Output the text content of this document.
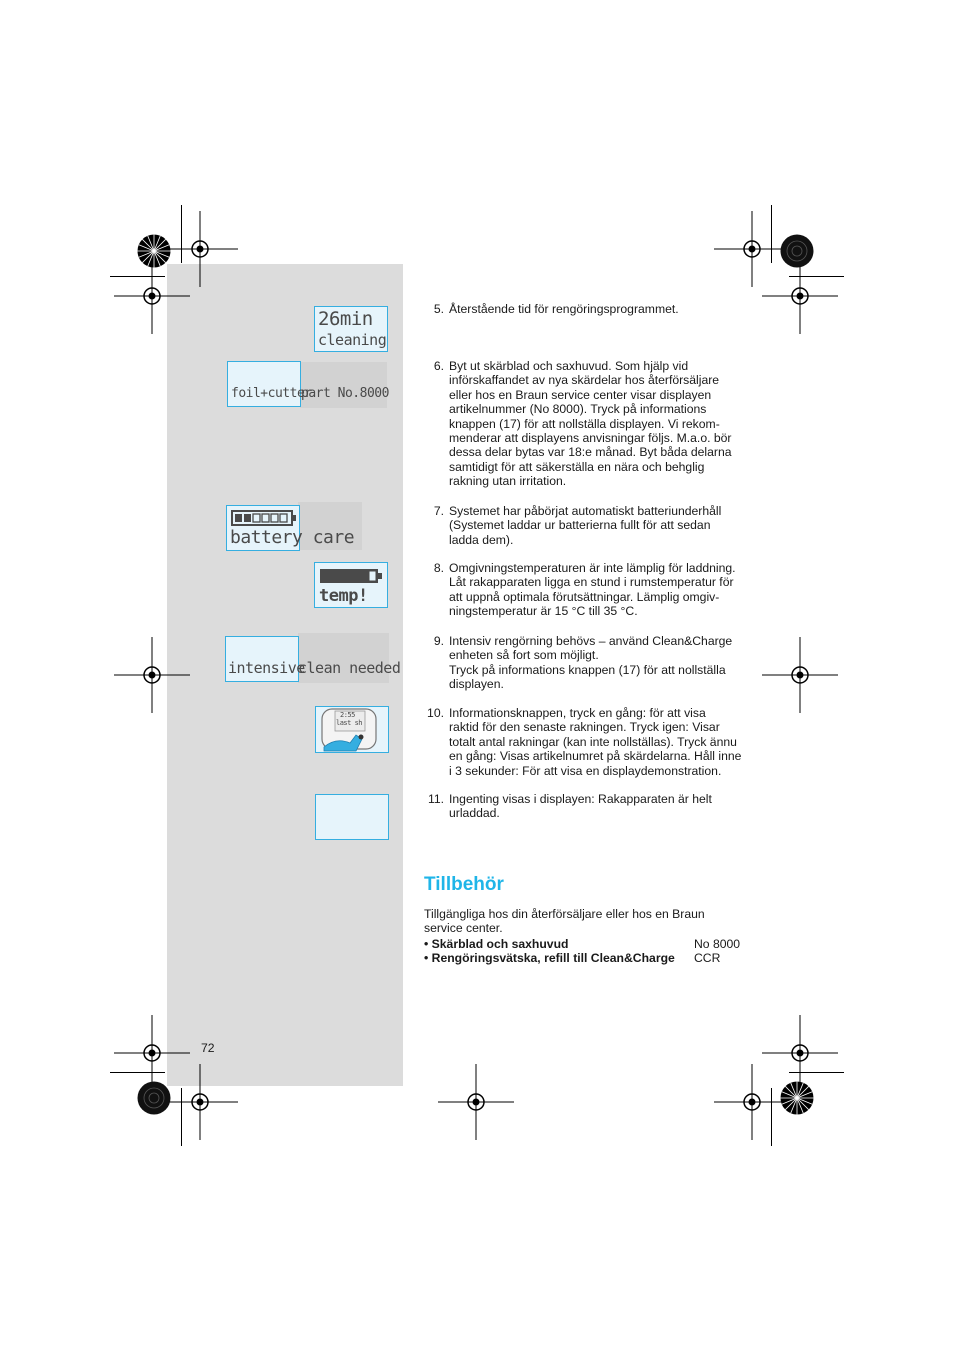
26min
cleaning
foil+cutter
part No.8000
battery care
temp!
intensive
clean needed
2:55
last sh
5. Återstående tid för rengöringsprogrammet.
6. Byt ut skärblad och saxhuvud. Som hjälp vid
införskaffandet av nya skärdelar hos återförsäljare
eller hos en Braun service center visar displayen
artikelnummer (No 8000). Tryck på informations
knappen (17) för att nollställa displayen. Vi rekom-
menderar att displayens anvisningar följs. M.a.o. bör
dessa delar bytas var 18:e månad. Byt båda delarna
samtidigt för att säkerställa en nära och behglig
rakning utan irritation.
7. Systemet har påbörjat automatiskt batteriunderhåll
(Systemet laddar ur batterierna fullt för att sedan
ladda dem).
8. Omgivningstemperaturen är inte lämplig för laddning.
Låt rakapparaten ligga en stund i rumstemperatur för
att uppnå optimala förutsättningar. Lämplig omgiv-
ningstemperatur är 15 °C till 35 °C.
9. Intensiv rengörning behövs – använd Clean&Charge
enheten så fort som möjligt.
Tryck på informations knappen (17) för att nollställa
displayen.
10. Informationsknappen, tryck en gång: för att visa
raktid för den senaste rakningen. Tryck igen: Visar
totalt antal rakningar (kan inte nollställas). Tryck ännu
en gång: Visas artikelnumret på skärdelarna. Håll inne
i 3 sekunder: För att visa en displaydemonstration.
11. Ingenting visas i displayen: Rakapparaten är helt
urladdad.
Tillbehör
Tillgängliga hos din återförsäljare eller hos en Braun service center.
• Skärblad och saxhuvud	No 8000
• Rengöringsvätska, refill till Clean&Charge CCR
72
